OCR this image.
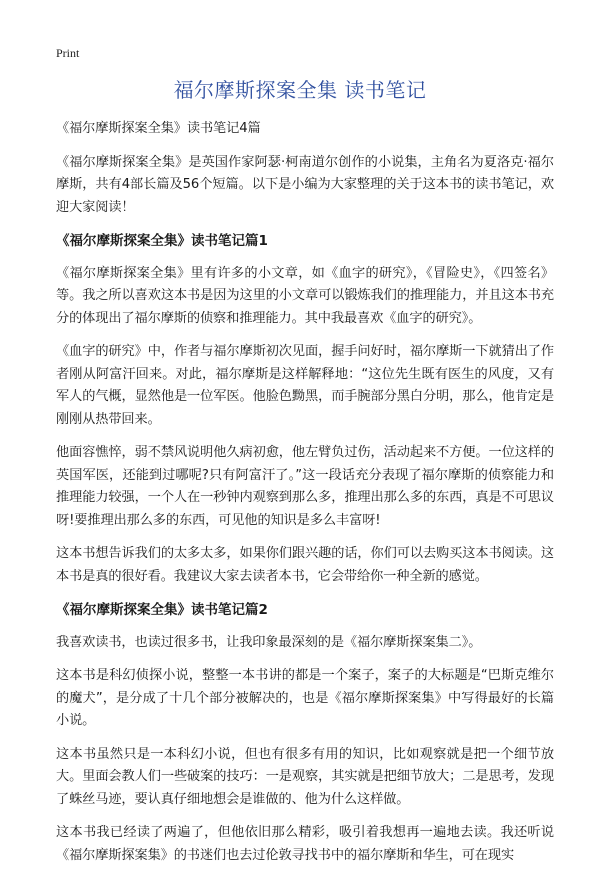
Print
福尔摩斯探案全集 读书笔记

《福尔摩斯探案全集》读书笔记4篇

《福尔摩斯探案全集》是英国作家阿瑟·柯南道尔创作的小说集，主角名为夏洛克·福尔摩斯，共有4部长篇及56个短篇。以下是小编为大家整理的关于这本书的读书笔记，欢迎大家阅读！

《福尔摩斯探案全集》读书笔记篇1

《福尔摩斯探案全集》里有许多的小文章，如《血字的研究》，《冒险史》，《四签名》等。我之所以喜欢这本书是因为这里的小文章可以锻炼我们的推理能力，并且这本书充分的体现出了福尔摩斯的侦察和推理能力。其中我最喜欢《血字的研究》。

《血字的研究》中，作者与福尔摩斯初次见面，握手问好时，福尔摩斯一下就猜出了作者刚从阿富汗回来。对此，福尔摩斯是这样解释地：“这位先生既有医生的风度，又有军人的气概，显然他是一位军医。他脸色黝黑，而手腕部分黑白分明，那么，他肯定是刚刚从热带回来。

他面容憔悴，弱不禁风说明他久病初愈，他左臂负过伤，活动起来不方便。一位这样的英国军医，还能到过哪呢?只有阿富汗了。”这一段话充分表现了福尔摩斯的侦察能力和推理能力较强，一个人在一秒钟内观察到那么多，推理出那么多的东西，真是不可思议呀!要推理出那么多的东西，可见他的知识是多么丰富呀!

这本书想告诉我们的太多太多，如果你们跟兴趣的话，你们可以去购买这本书阅读。这本书是真的很好看。我建议大家去读者本书，它会带给你一种全新的感觉。

《福尔摩斯探案全集》读书笔记篇2

我喜欢读书，也读过很多书，让我印象最深刻的是《福尔摩斯探案集二》。

这本书是科幻侦探小说，整整一本书讲的都是一个案子，案子的大标题是“巴斯克维尔的魔犬”，是分成了十几个部分被解决的，也是《福尔摩斯探案集》中写得最好的长篇小说。

这本书虽然只是一本科幻小说，但也有很多有用的知识，比如观察就是把一个细节放大。里面会教人们一些破案的技巧：一是观察，其实就是把细节放大；二是思考，发现了蛛丝马迹，要认真仔细地想会是谁做的、他为什么这样做。

这本书我已经读了两遍了，但他依旧那么精彩，吸引着我想再一遍地去读。我还听说《福尔摩斯探案集》的书迷们也去过伦敦寻找书中的福尔摩斯和华生，可在现实
